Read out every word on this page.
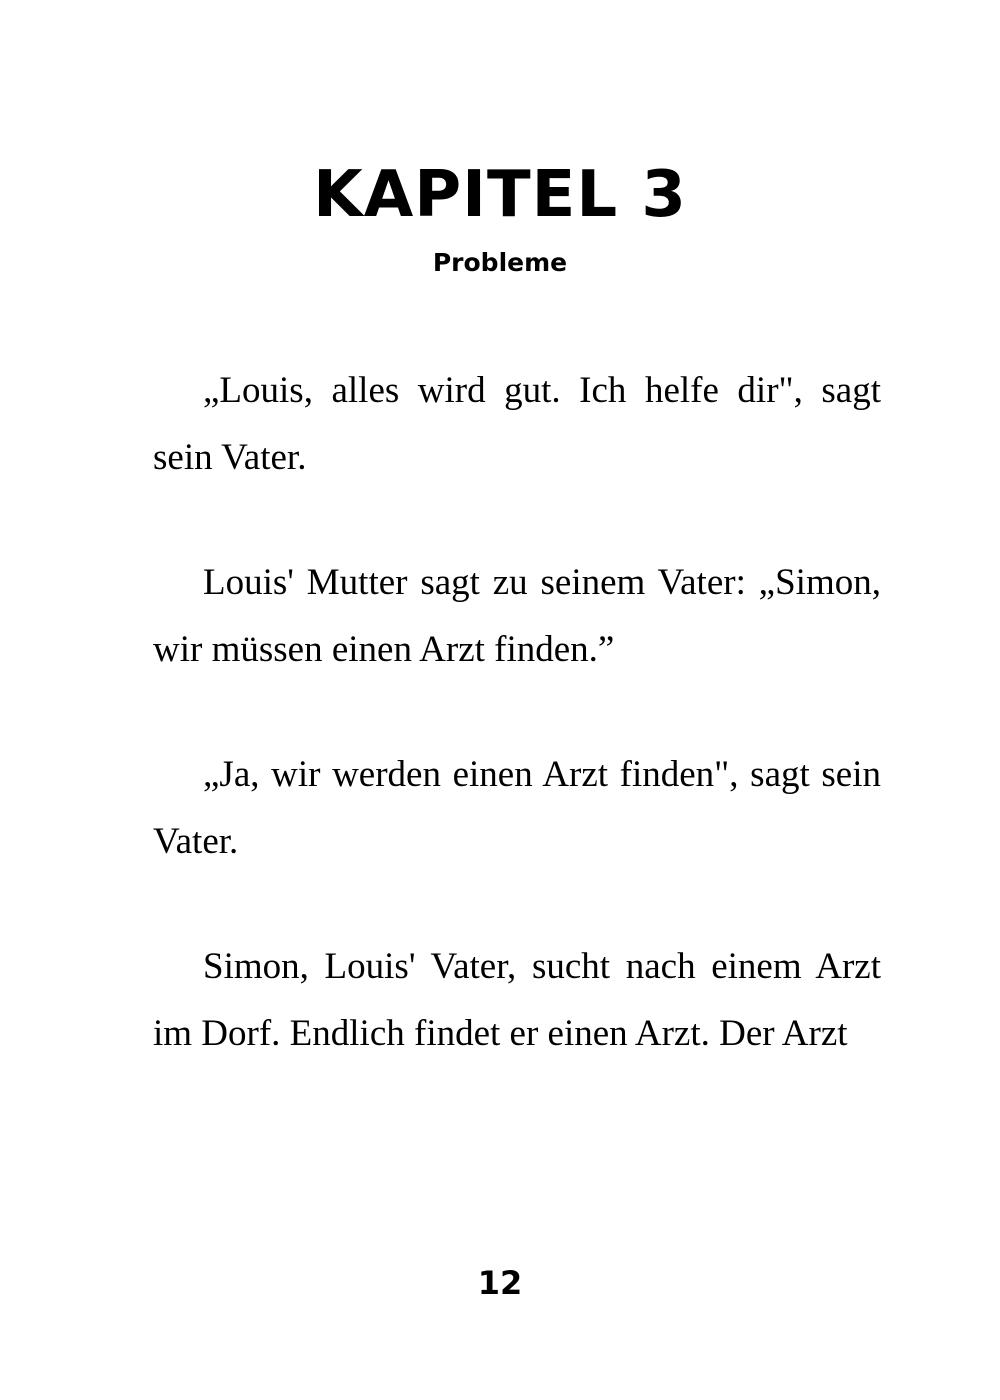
KAPITEL 3
Probleme

„Louis, alles wird gut. Ich helfe dir", sagt sein Vater.

Louis' Mutter sagt zu seinem Vater: „Simon, wir müssen einen Arzt finden.”

„Ja, wir werden einen Arzt finden", sagt sein Vater.

Simon, Louis' Vater, sucht nach einem Arzt im Dorf. Endlich findet er einen Arzt. Der Arzt

12
